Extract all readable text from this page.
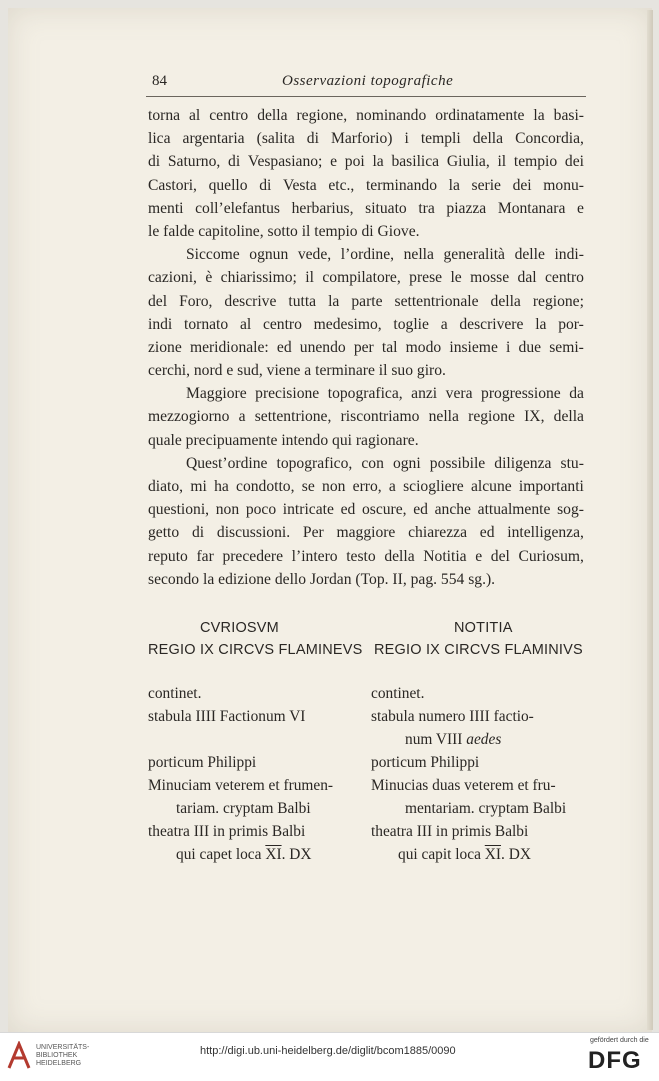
84	Osservazioni topografiche
torna al centro della regione, nominando ordinatamente la basi-
lica argentaria (salita di Marforio) i templi della Concordia,
di Saturno, di Vespasiano; e poi la basilica Giulia, il tempio dei
Castori, quello di Vesta etc., terminando la serie dei monu-
menti coll’elefantus herbarius, situato tra piazza Montanara e
le falde capitoline, sotto il tempio di Giove.
Siccome ognun vede, l’ordine, nella generalità delle indi-
cazioni, è chiarissimo; il compilatore, prese le mosse dal centro
del Foro, descrive tutta la parte settentrionale della regione;
indi tornato al centro medesimo, toglie a descrivere la por-
zione meridionale: ed unendo per tal modo insieme i due semi-
cerchi, nord e sud, viene a terminare il suo giro.
Maggiore precisione topografica, anzi vera progressione da
mezzogiorno a settentrione, riscontriamo nella regione IX, della
quale precipuamente intendo qui ragionare.
Quest’ordine topografico, con ogni possibile diligenza stu-
diato, mi ha condotto, se non erro, a sciogliere alcune importanti
questioni, non poco intricate ed oscure, ed anche attualmente sog-
getto di discussioni. Per maggiore chiarezza ed intelligenza,
reputo far precedere l’intero testo della Notitia e del Curiosum,
secondo la edizione dello Jordan (Top. II, pag. 554 sg.).
CVRIOSVM
REGIO IX CIRCVS FLAMINEVS
continet.
stabula IIII Factionum VI
porticum Philippi
Minuciam veterem et frumen-
tariam. cryptam Balbi
theatra III in primis Balbi
qui capet loca $\overline{XI}$. DX
NOTITIA
REGIO IX CIRCVS FLAMINIVS
continet.
stabula numero IIII factio-
num VIII aedes
porticum Philippi
Minucias duas veterem et fru-
mentariam. cryptam Balbi
theatra III in primis Balbi
qui capit loca $\overline{XI}$. DX
UNIVERSITÄTS-
BIBLIOTHEK
HEIDELBERG
http://digi.ub.uni-heidelberg.de/diglit/bcom1885/0090
gefördert durch die
DFG
